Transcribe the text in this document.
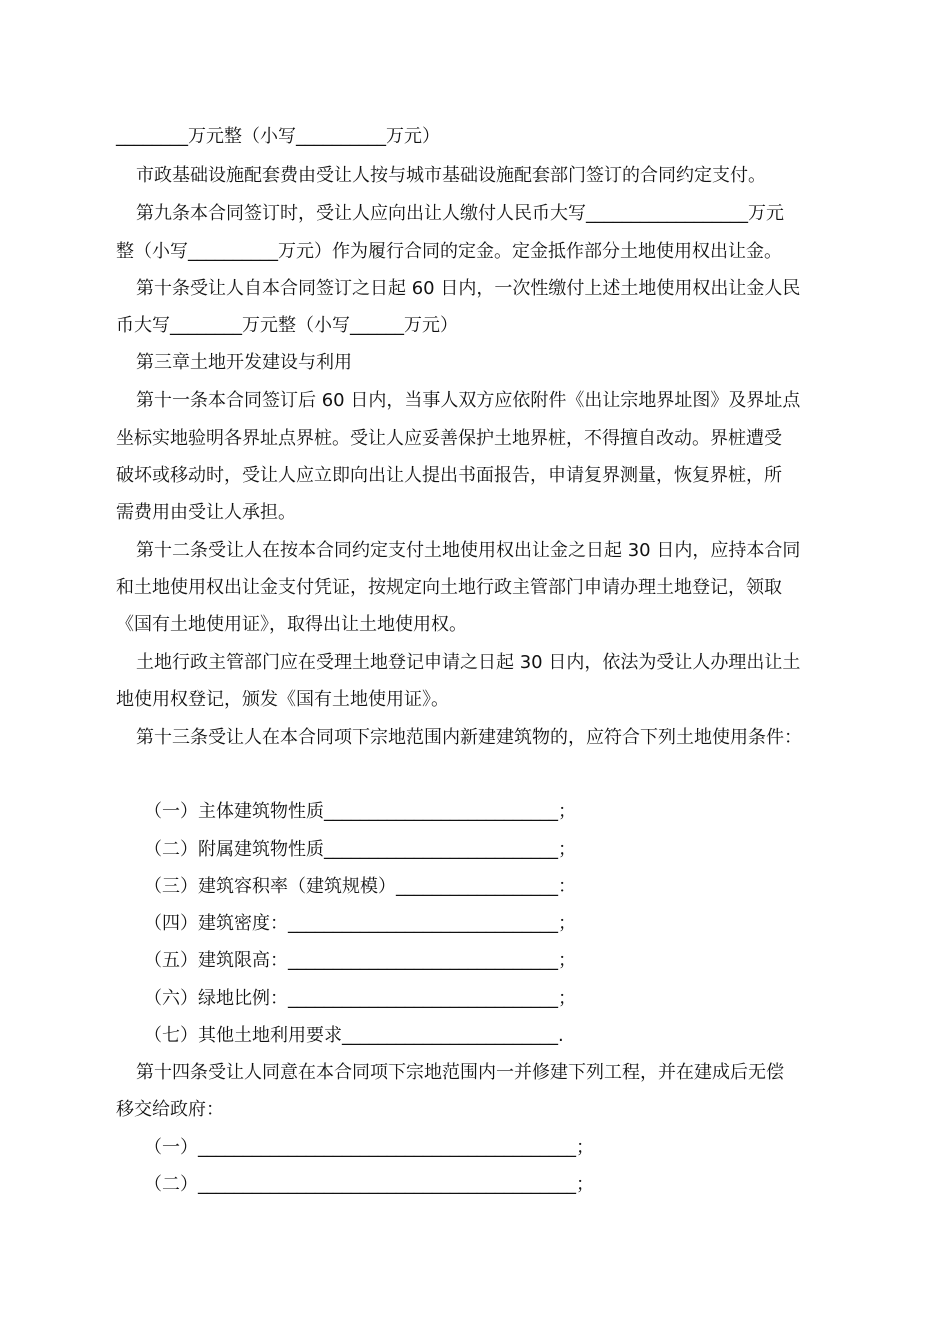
________万元整（小写__________万元）
市政基础设施配套费由受让人按与城市基础设施配套部门签订的合同约定支付。
第九条本合同签订时，受让人应向出让人缴付人民币大写__________________万元
整（小写__________万元）作为履行合同的定金。定金抵作部分土地使用权出让金。
第十条受让人自本合同签订之日起 60 日内，一次性缴付上述土地使用权出让金人民
币大写________万元整（小写______万元）
第三章土地开发建设与利用
第十一条本合同签订后 60 日内，当事人双方应依附件《出让宗地界址图》及界址点
坐标实地验明各界址点界桩。受让人应妥善保护土地界桩，不得擅自改动。界桩遭受
破坏或移动时，受让人应立即向出让人提出书面报告，申请复界测量，恢复界桩，所
需费用由受让人承担。
第十二条受让人在按本合同约定支付土地使用权出让金之日起 30 日内，应持本合同
和土地使用权出让金支付凭证，按规定向土地行政主管部门申请办理土地登记，领取
《国有土地使用证》，取得出让土地使用权。
土地行政主管部门应在受理土地登记申请之日起 30 日内，依法为受让人办理出让土
地使用权登记，颁发《国有土地使用证》。
第十三条受让人在本合同项下宗地范围内新建建筑物的，应符合下列土地使用条件：
（一）主体建筑物性质__________________________；
（二）附属建筑物性质__________________________；
（三）建筑容积率（建筑规模）__________________：
（四）建筑密度：______________________________；
（五）建筑限高：______________________________；
（六）绿地比例：______________________________；
（七）其他土地利用要求________________________.
第十四条受让人同意在本合同项下宗地范围内一并修建下列工程，并在建成后无偿
移交给政府：
（一）__________________________________________；
（二）__________________________________________；
